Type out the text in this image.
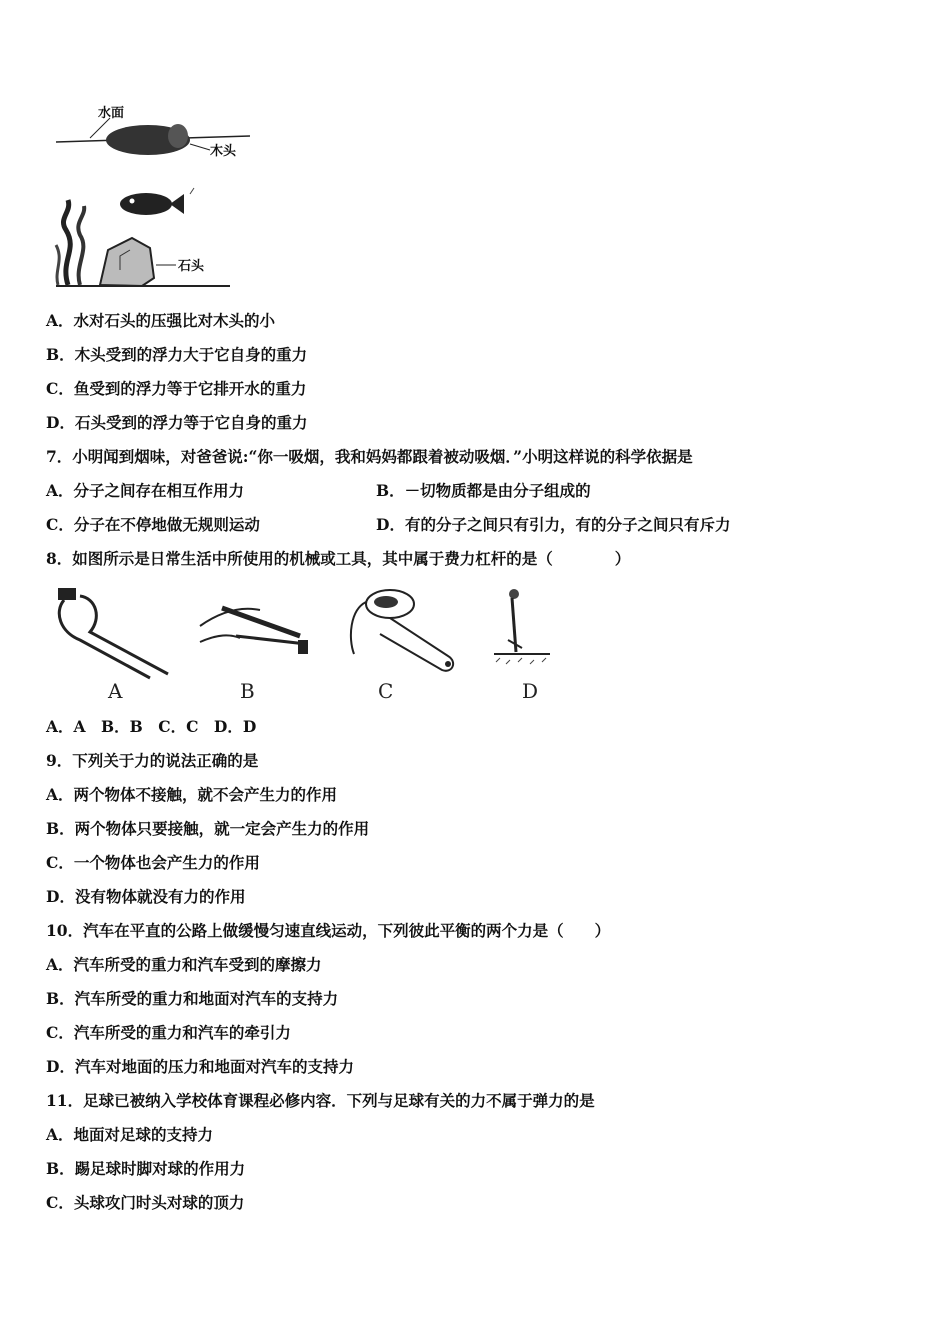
水面
木头
石头
A．水对石头的压强比对木头的小
B．木头受到的浮力大于它自身的重力
C．鱼受到的浮力等于它排开水的重力
D．石头受到的浮力等于它自身的重力
7．小明闻到烟味，对爸爸说:“你一吸烟，我和妈妈都跟着被动吸烟．”小明这样说的科学依据是
A．分子之间存在相互作用力	B．－切物质都是由分子组成的
C．分子在不停地做无规则运动	D．有的分子之间只有引力，有的分子之间只有斥力
8．如图所示是日常生活中所使用的机械或工具，其中属于费力杠杆的是（　　　　）
A	B	C	D
A．A　B．B　C．C　D．D
9．下列关于力的说法正确的是
A．两个物体不接触，就不会产生力的作用
B．两个物体只要接触，就一定会产生力的作用
C．一个物体也会产生力的作用
D．没有物体就没有力的作用
10．汽车在平直的公路上做缓慢匀速直线运动，下列彼此平衡的两个力是（　　）
A．汽车所受的重力和汽车受到的摩擦力
B．汽车所受的重力和地面对汽车的支持力
C．汽车所受的重力和汽车的牵引力
D．汽车对地面的压力和地面对汽车的支持力
11．足球已被纳入学校体育课程必修内容．下列与足球有关的力不属于弹力的是
A．地面对足球的支持力
B．踢足球时脚对球的作用力
C．头球攻门时头对球的顶力
